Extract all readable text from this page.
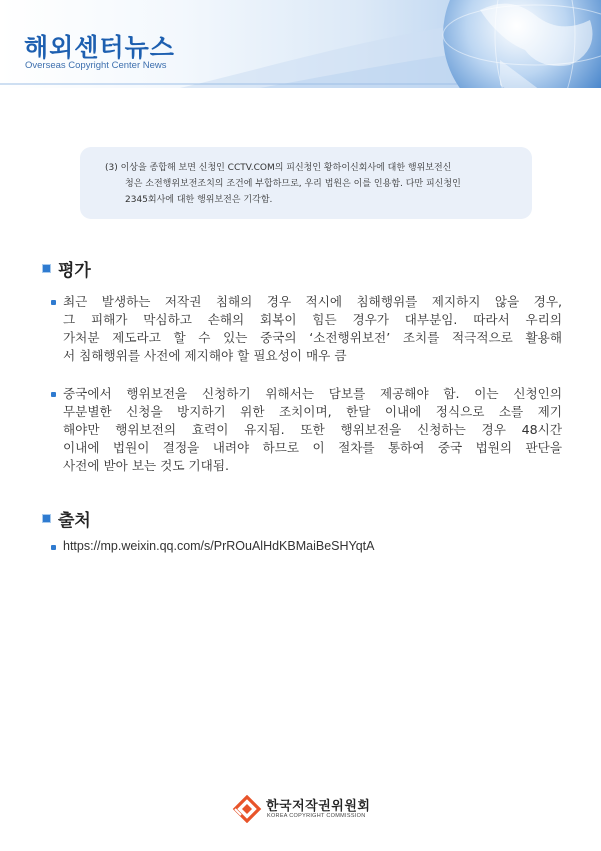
해외센터뉴스
Overseas Copyright Center News
(3) 이상을 종합해 보면 신청인 CCTV.COM의 피신청인 황하이신회사에 대한 행위보전신
청은 소전행위보전조치의 조건에 부합하므로, 우리 법원은 이를 인용함. 다만 피신청인
2345회사에 대한 행위보전은 기각함.
평가
최근 발생하는 저작권 침해의 경우 적시에 침해행위를 제지하지 않을 경우,
그 피해가 막심하고 손해의 회복이 힘든 경우가 대부분임. 따라서 우리의
가처분 제도라고 할 수 있는 중국의 ‘소전행위보전’ 조치를 적극적으로 활용해
서 침해행위를 사전에 제지해야 할 필요성이 매우 큼
중국에서 행위보전을 신청하기 위해서는 담보를 제공해야 함. 이는 신청인의
무분별한 신청을 방지하기 위한 조치이며, 한달 이내에 정식으로 소를 제기
해야만 행위보전의 효력이 유지됨. 또한 행위보전을 신청하는 경우 48시간
이내에 법원이 결정을 내려야 하므로 이 절차를 통하여 중국 법원의 판단을
사전에 받아 보는 것도 기대됨.
출처
https://mp.weixin.qq.com/s/PrROuAlHdKBMaiBeSHYqtA
한국저작권위원회
KOREA COPYRIGHT COMMISSION
